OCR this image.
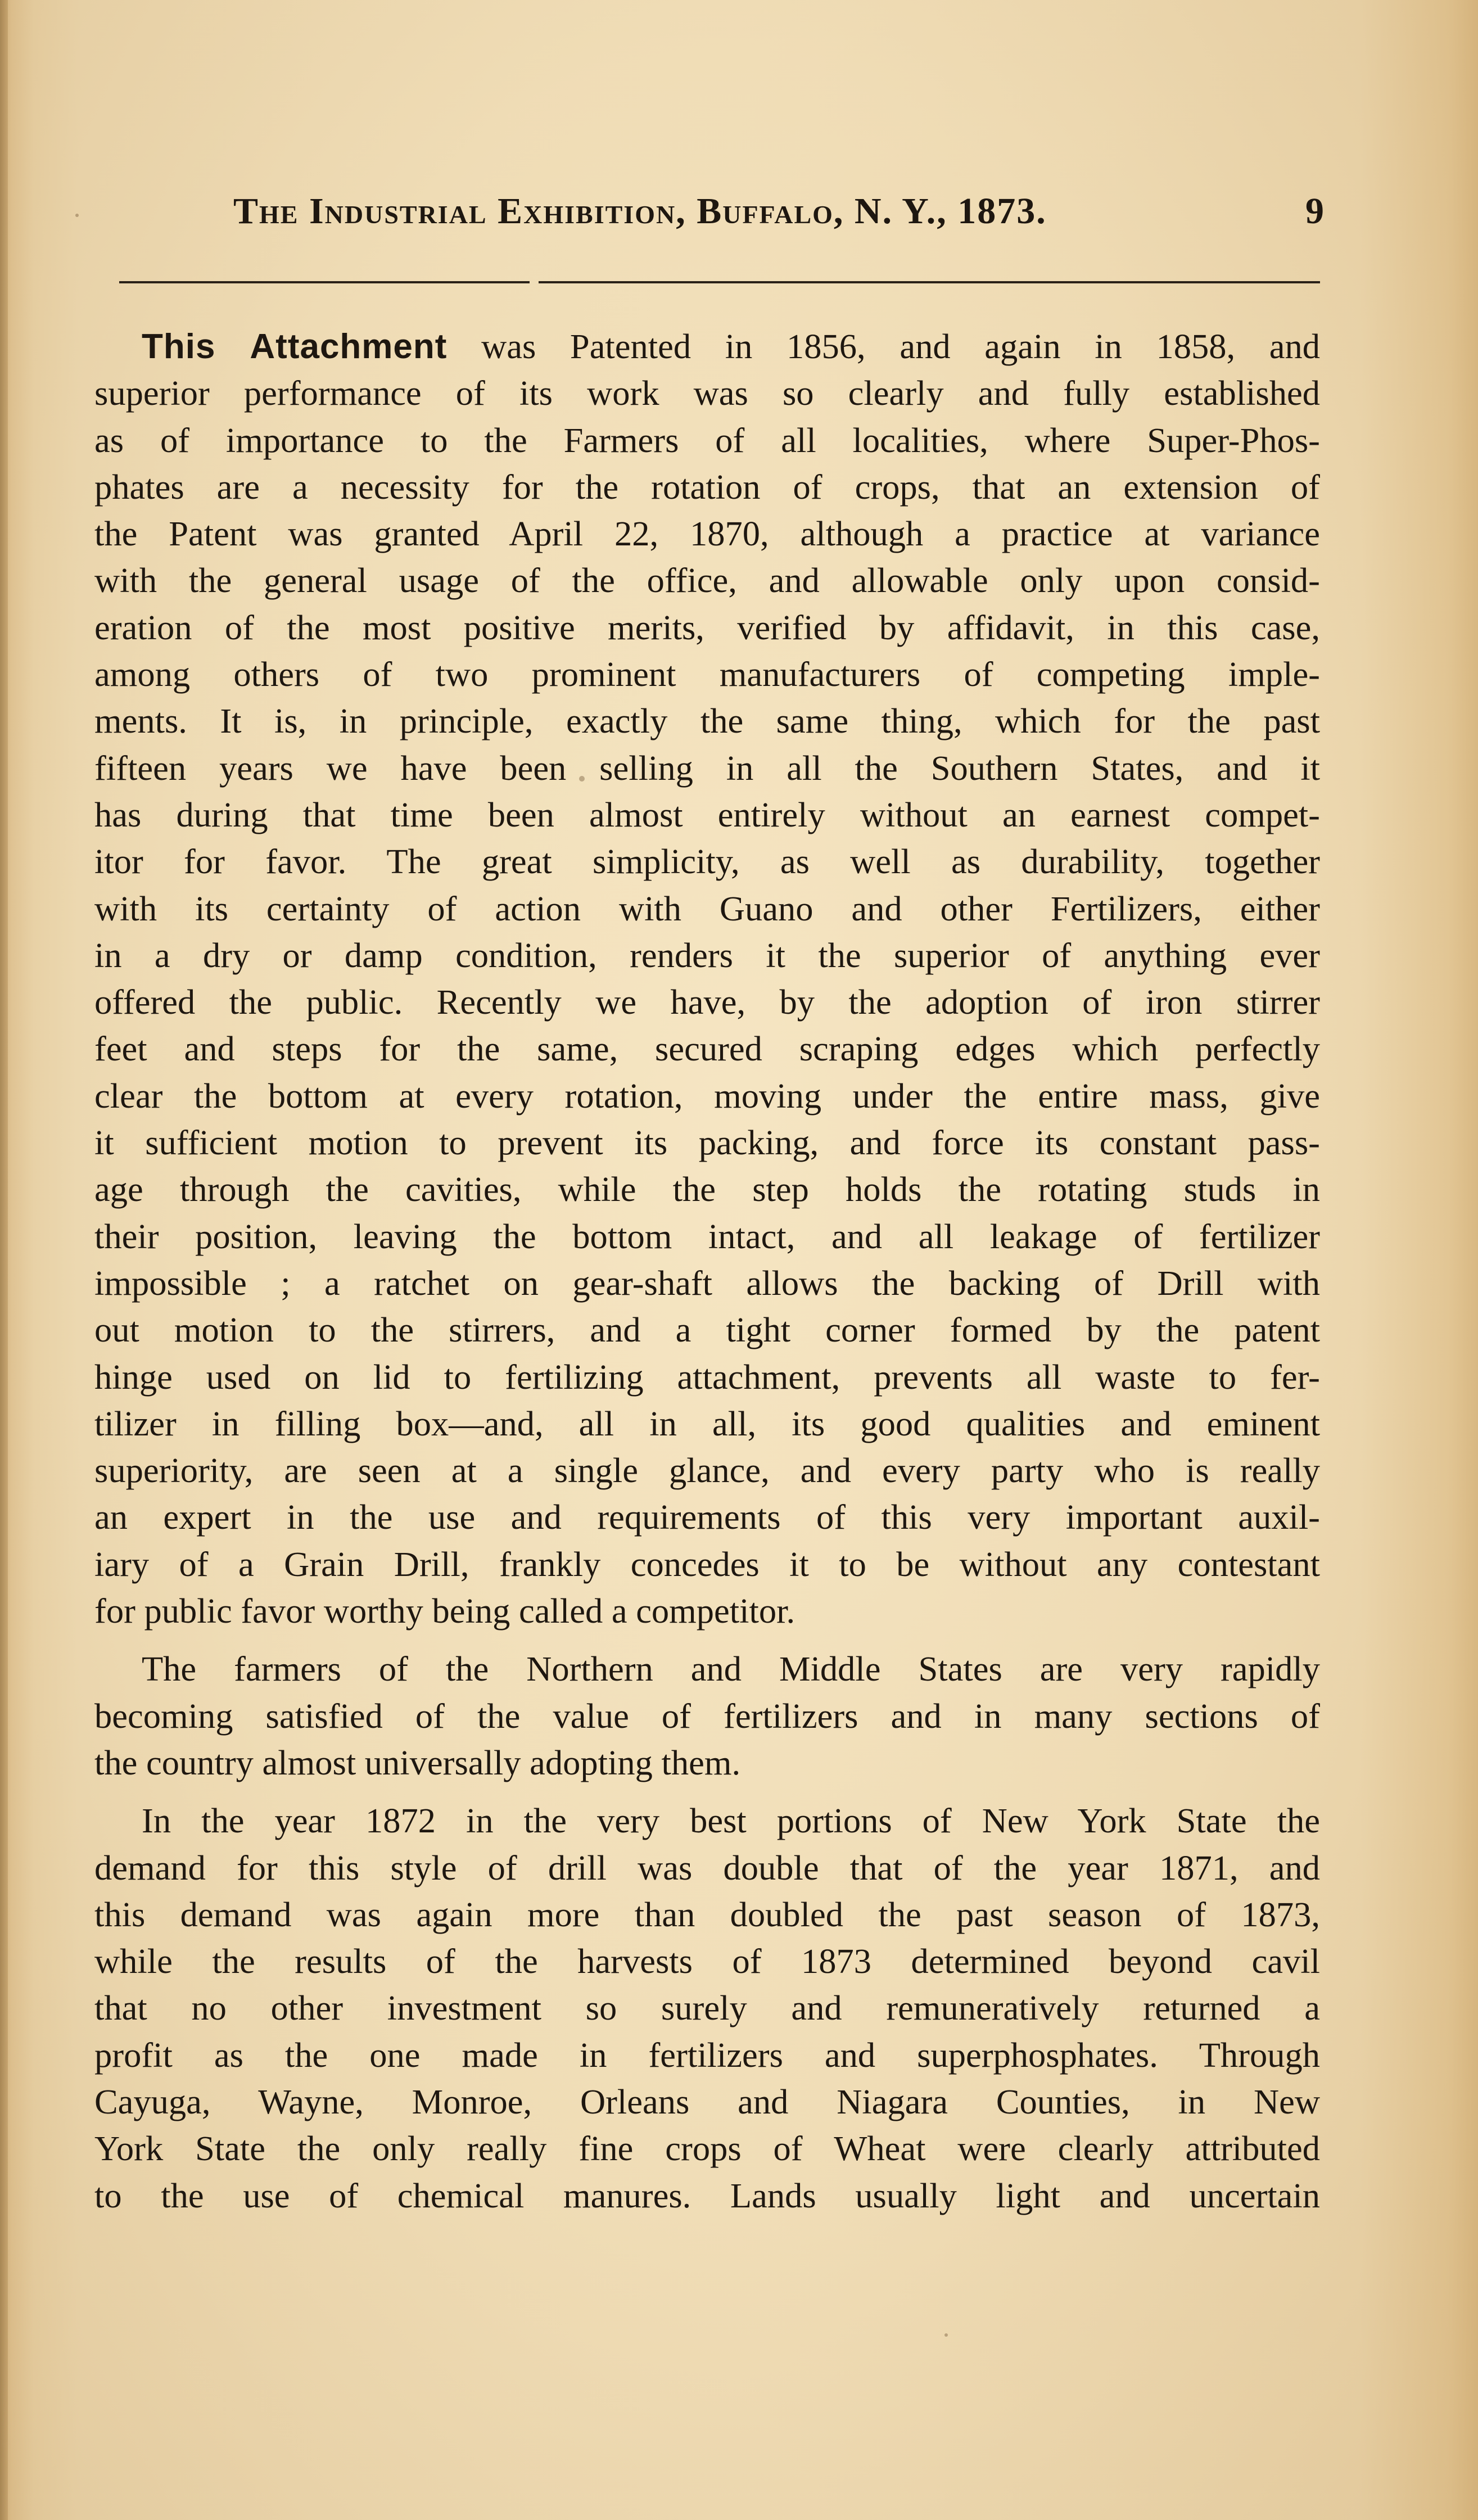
The Industrial Exhibition, Buffalo, N. Y., 1873.	9

This Attachment was Patented in 1856, and again in 1858, and
superior performance of its work was so clearly and fully established
as of importance to the Farmers of all localities, where Super-Phos-
phates are a necessity for the rotation of crops, that an extension of
the Patent was granted April 22, 1870, although a practice at variance
with the general usage of the office, and allowable only upon consid-
eration of the most positive merits, verified by affidavit, in this case,
among others of two prominent manufacturers of competing imple-
ments. It is, in principle, exactly the same thing, which for the past
fifteen years we have been selling in all the Southern States, and it
has during that time been almost entirely without an earnest compet-
itor for favor. The great simplicity, as well as durability, together
with its certainty of action with Guano and other Fertilizers, either
in a dry or damp condition, renders it the superior of anything ever
offered the public. Recently we have, by the adoption of iron stirrer
feet and steps for the same, secured scraping edges which perfectly
clear the bottom at every rotation, moving under the entire mass, give
it sufficient motion to prevent its packing, and force its constant pass-
age through the cavities, while the step holds the rotating studs in
their position, leaving the bottom intact, and all leakage of fertilizer
impossible ; a ratchet on gear-shaft allows the backing of Drill with
out motion to the stirrers, and a tight corner formed by the patent
hinge used on lid to fertilizing attachment, prevents all waste to fer-
tilizer in filling box—and, all in all, its good qualities and eminent
superiority, are seen at a single glance, and every party who is really
an expert in the use and requirements of this very important auxil-
iary of a Grain Drill, frankly concedes it to be without any contestant
for public favor worthy being called a competitor.

The farmers of the Northern and Middle States are very rapidly
becoming satisfied of the value of fertilizers and in many sections of
the country almost universally adopting them.

In the year 1872 in the very best portions of New York State the
demand for this style of drill was double that of the year 1871, and
this demand was again more than doubled the past season of 1873,
while the results of the harvests of 1873 determined beyond cavil
that no other investment so surely and remuneratively returned a
profit as the one made in fertilizers and superphosphates. Through
Cayuga, Wayne, Monroe, Orleans and Niagara Counties, in New
York State the only really fine crops of Wheat were clearly attributed
to the use of chemical manures. Lands usually light and uncertain
